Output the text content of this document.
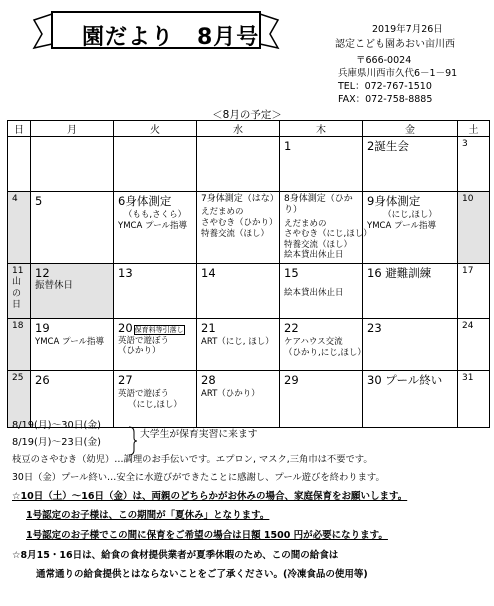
園だより　8月号	2019年7月26日
認定こども園あおい亩川西
〒666-0024
兵庫県川西市久代6－1－91
TEL：072-767-1510
FAX：072-758-8885
＜8月の予定＞
日	月	火	水	木	金	土

				1	2誕生会	3

4	5	6身体測定
（もも,さくら）
YMCA プール指導	7身体測定（はな）
えだまめの
さやむき（ひかり）
特養交流（ほし）	8身体測定（ひかり）
えだまめの
さやむき（にじ,ほし）
特養交流（ほし）
絵本貸出休止日	9身体測定
（にじ,ほし）
YMCA プール指導	10

11
山
の
日	12
振替休日	13	14	15
絵本貸出休止日	16 避難訓練	17

18	19
YMCA プール指導	20 保育料等引落し
英語で遊ぼう
（ひかり）	21
ART（にじ, ほし）	22
ケアハウス交流
（ひかり,にじ,ほし）	23	24

25	26	27
英語で遊ぼう
（にじ,ほし）	28
ART（ひかり）	29	30 プール終い	31
8/19(月)～30日(金)
8/19(月)～23日(金)
大学生が保育実習に来ます
枝豆のさやむき（幼児）…調理のお手伝いです。エプロン, マスク,三角巾は不要です。
30日（金）プール終い…安全に水遊びができたことに感謝し、プール遊びを終わります。
☆10日（土）～16日（金）は、両親のどちらかがお休みの場合、家庭保育をお願いします。
1号認定のお子様は、この期間が「夏休み」となります。
1号認定のお子様でこの間に保育をご希望の場合は日額 1500 円が必要になります。
☆8月15・16日は、給食の食材提供業者が夏季休暇のため、この間の給食は
通常通りの給食提供とはならないことをご了承ください。(冷凍食品の使用等)
